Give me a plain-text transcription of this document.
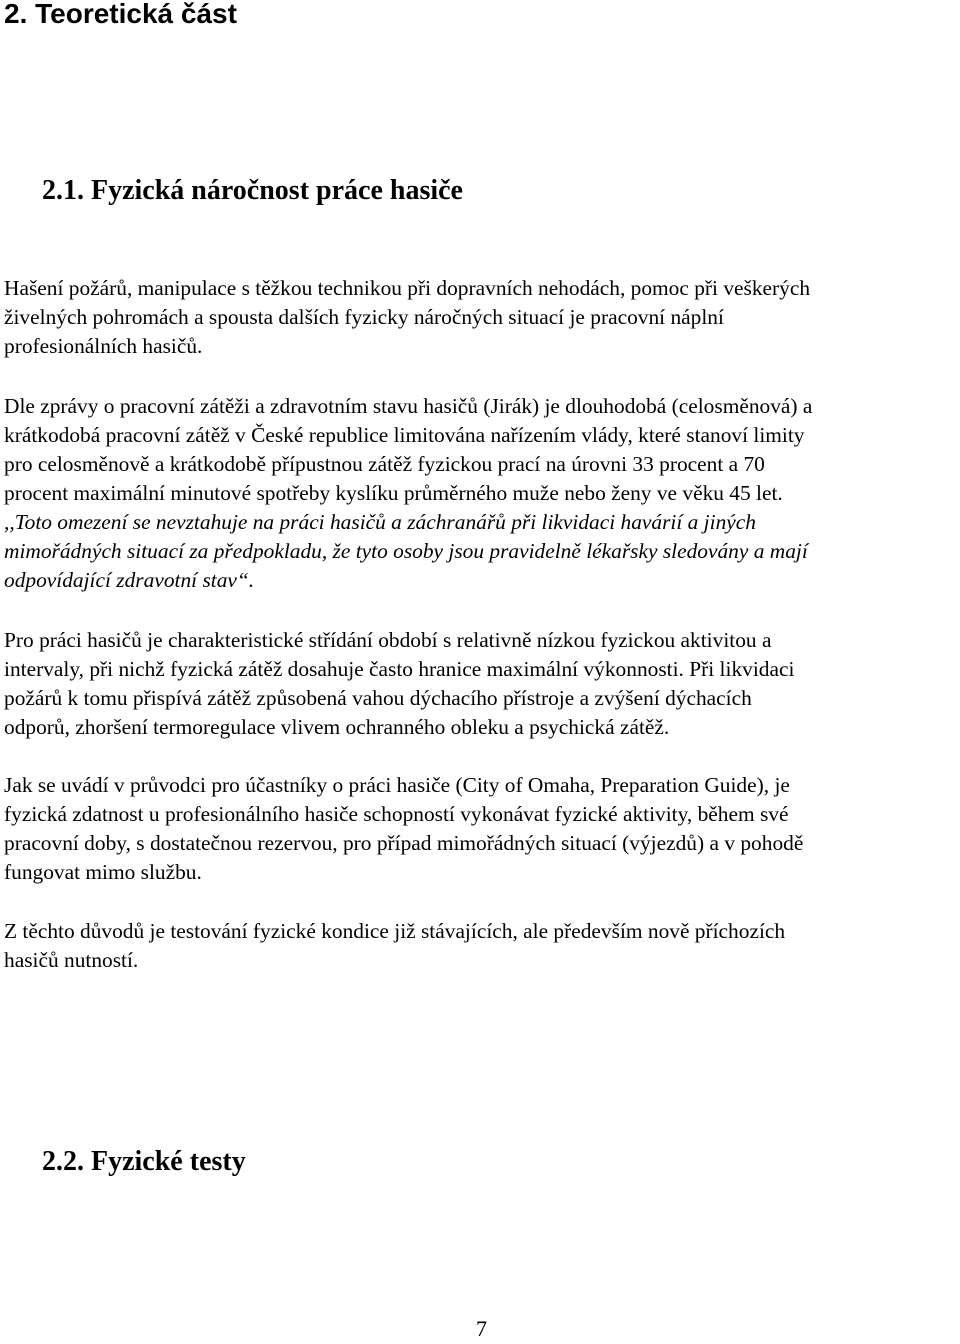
2. Teoretická část
2.1. Fyzická náročnost práce hasiče

Hašení požárů, manipulace s těžkou technikou při dopravních nehodách, pomoc při veškerých
živelných pohromách a spousta dalších fyzicky náročných situací je pracovní náplní
profesionálních hasičů.

Dle zprávy o pracovní zátěži a zdravotním stavu hasičů (Jirák) je dlouhodobá (celosměnová) a
krátkodobá pracovní zátěž v České republice limitována nařízením vlády, které stanoví limity
pro celosměnově a krátkodobě přípustnou zátěž fyzickou prací na úrovni 33 procent a 70
procent maximální minutové spotřeby kyslíku průměrného muže nebo ženy ve věku 45 let.
,,Toto omezení se nevztahuje na práci hasičů a záchranářů při likvidaci havárií a jiných
mimořádných situací za předpokladu, že tyto osoby jsou pravidelně lékařsky sledovány a mají
odpovídající zdravotní stav“.

Pro práci hasičů je charakteristické střídání období s relativně nízkou fyzickou aktivitou a
intervaly, při nichž fyzická zátěž dosahuje často hranice maximální výkonnosti. Při likvidaci
požárů k tomu přispívá zátěž způsobená vahou dýchacího přístroje a zvýšení dýchacích
odporů, zhoršení termoregulace vlivem ochranného obleku a psychická zátěž.

Jak se uvádí v průvodci pro účastníky o práci hasiče (City of Omaha, Preparation Guide), je
fyzická zdatnost u profesionálního hasiče schopností vykonávat fyzické aktivity, během své
pracovní doby, s dostatečnou rezervou, pro případ mimořádných situací (výjezdů) a v pohodě
fungovat mimo službu.

Z těchto důvodů je testování fyzické kondice již stávajících, ale především nově příchozích
hasičů nutností.

2.2. Fyzické testy
7
